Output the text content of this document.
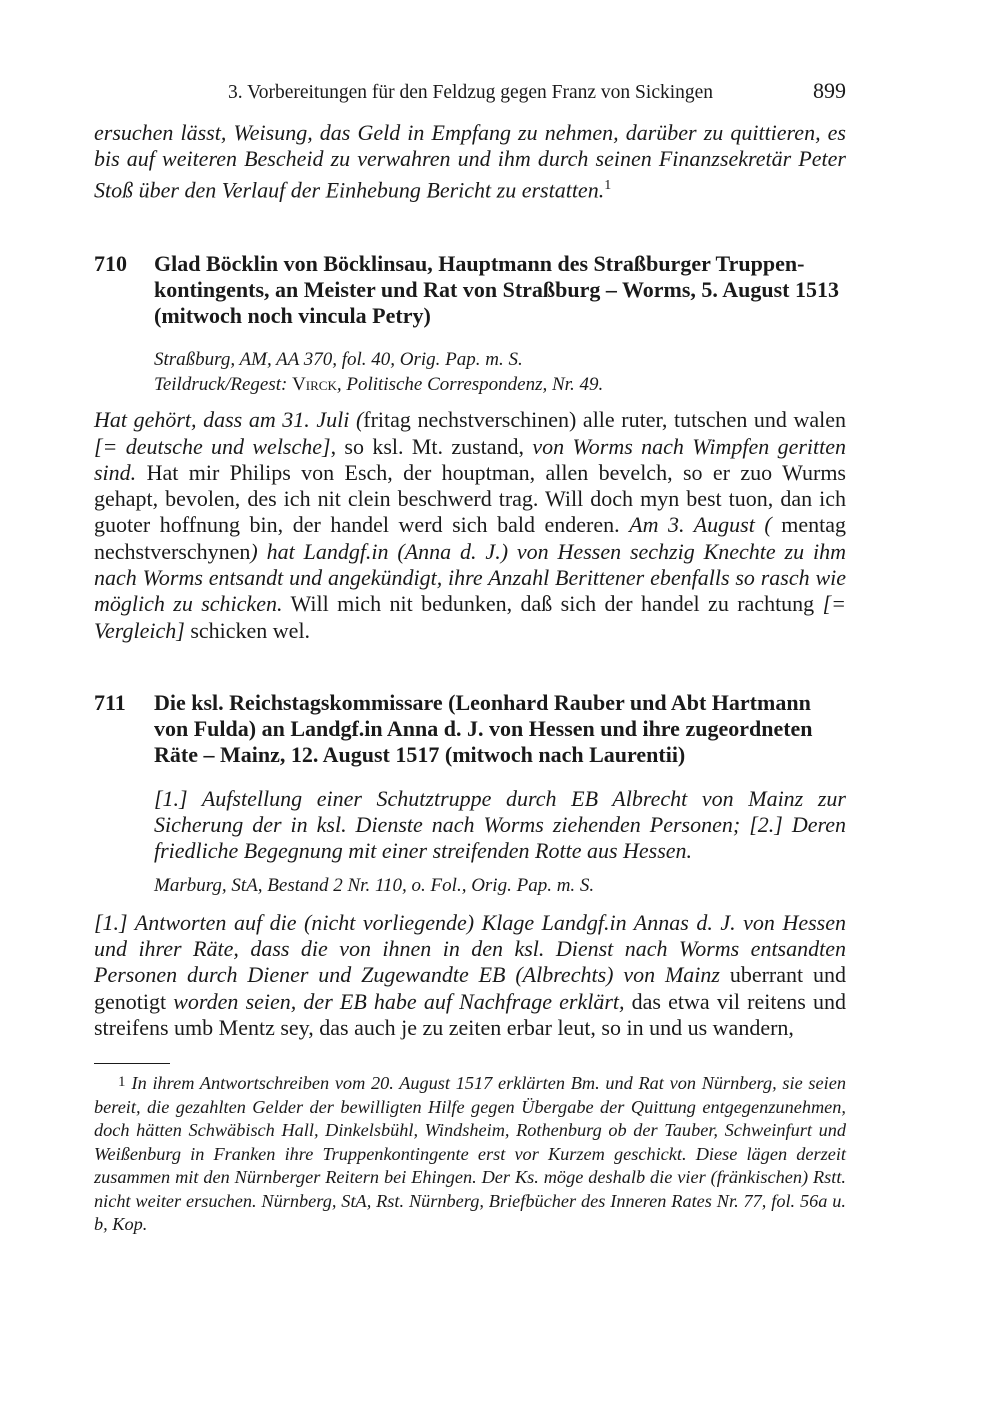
3. Vorbereitungen für den Feldzug gegen Franz von Sickingen	899

ersuchen lässt, Weisung, das Geld in Empfang zu nehmen, darüber zu quittieren, es bis auf weiteren Bescheid zu verwahren und ihm durch seinen Finanzsekretär Peter Stoß über den Verlauf der Einhebung Bericht zu erstatten.$^1$

710	Glad Böcklin von Böcklinsau, Hauptmann des Straßburger Truppenkontingents, an Meister und Rat von Straßburg – Worms, 5. August 1513 (mitwoch noch vincula Petry)
Straßburg, AM, AA 370, fol. 40, Orig. Pap. m. S.
Teildruck/Regest: Virck, Politische Correspondenz, Nr. 49.

Hat gehört, dass am 31. Juli (fritag nechstverschinen) alle ruter, tutschen und walen [= deutsche und welsche], so ksl. Mt. zustand, von Worms nach Wimpfen geritten sind. Hat mir Philips von Esch, der houptman, allen bevelch, so er zuo Wurms gehapt, bevolen, des ich nit clein beschwerd trag. Will doch myn best tuon, dan ich guoter hoffnung bin, der handel werd sich bald enderen. Am 3. August ( mentag nechstverschynen) hat Landgf.in (Anna d. J.) von Hessen sechzig Knechte zu ihm nach Worms entsandt und angekündigt, ihre Anzahl Berittener ebenfalls so rasch wie möglich zu schicken. Will mich nit bedunken, daß sich der handel zu rachtung [= Vergleich] schicken wel.

711	Die ksl. Reichstagskommissare (Leonhard Rauber und Abt Hartmann von Fulda) an Landgf.in Anna d. J. von Hessen und ihre zugeordneten Räte – Mainz, 12. August 1517 (mitwoch nach Laurentii)

[1.] Aufstellung einer Schutztruppe durch EB Albrecht von Mainz zur Sicherung der in ksl. Dienste nach Worms ziehenden Personen; [2.] Deren friedliche Begegnung mit einer streifenden Rotte aus Hessen.

Marburg, StA, Bestand 2 Nr. 110, o. Fol., Orig. Pap. m. S.

[1.] Antworten auf die (nicht vorliegende) Klage Landgf.in Annas d. J. von Hessen und ihrer Räte, dass die von ihnen in den ksl. Dienst nach Worms entsandten Personen durch Diener und Zugewandte EB (Albrechts) von Mainz uberrant und genotigt worden seien, der EB habe auf Nachfrage erklärt, das etwa vil reitens und streifens umb Mentz sey, das auch je zu zeiten erbar leut, so in und us wandern,

1 In ihrem Antwortschreiben vom 20. August 1517 erklärten Bm. und Rat von Nürnberg, sie seien bereit, die gezahlten Gelder der bewilligten Hilfe gegen Übergabe der Quittung entgegenzunehmen, doch hätten Schwäbisch Hall, Dinkelsbühl, Windsheim, Rothenburg ob der Tauber, Schweinfurt und Weißenburg in Franken ihre Truppenkontingente erst vor Kurzem geschickt. Diese lägen derzeit zusammen mit den Nürnberger Reitern bei Ehingen. Der Ks. möge deshalb die vier (fränkischen) Rstt. nicht weiter ersuchen. Nürnberg, StA, Rst. Nürnberg, Briefbücher des Inneren Rates Nr. 77, fol. 56a u. b, Kop.
